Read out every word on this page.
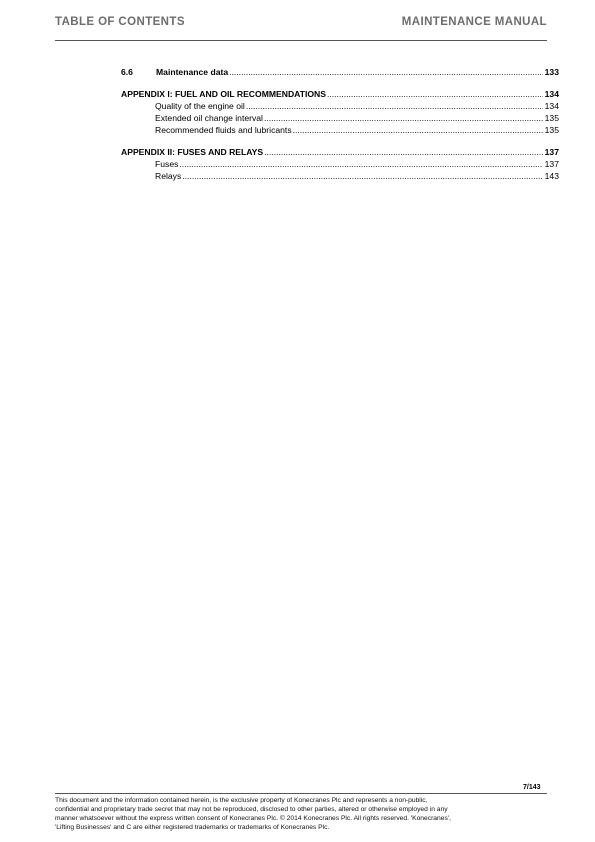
TABLE OF CONTENTS	MAINTENANCE MANUAL
6.6	Maintenance data .....	133
APPENDIX I: FUEL AND OIL RECOMMENDATIONS .....	134
Quality of the engine oil .....	134
Extended oil change interval .....	135
Recommended fluids and lubricants .....	135
APPENDIX II: FUSES AND RELAYS .....	137
Fuses .....	137
Relays .....	143
7/143
This document and the information contained herein, is the exclusive property of Konecranes Plc and represents a non-public,
confidential and proprietary trade secret that may not be reproduced, disclosed to other parties, altered or otherwise employed in any
manner whatsoever without the express written consent of Konecranes Plc. © 2014 Konecranes Plc. All rights reserved. 'Konecranes',
'Lifting Businesses' and C are either registered trademarks or trademarks of Konecranes Plc.
